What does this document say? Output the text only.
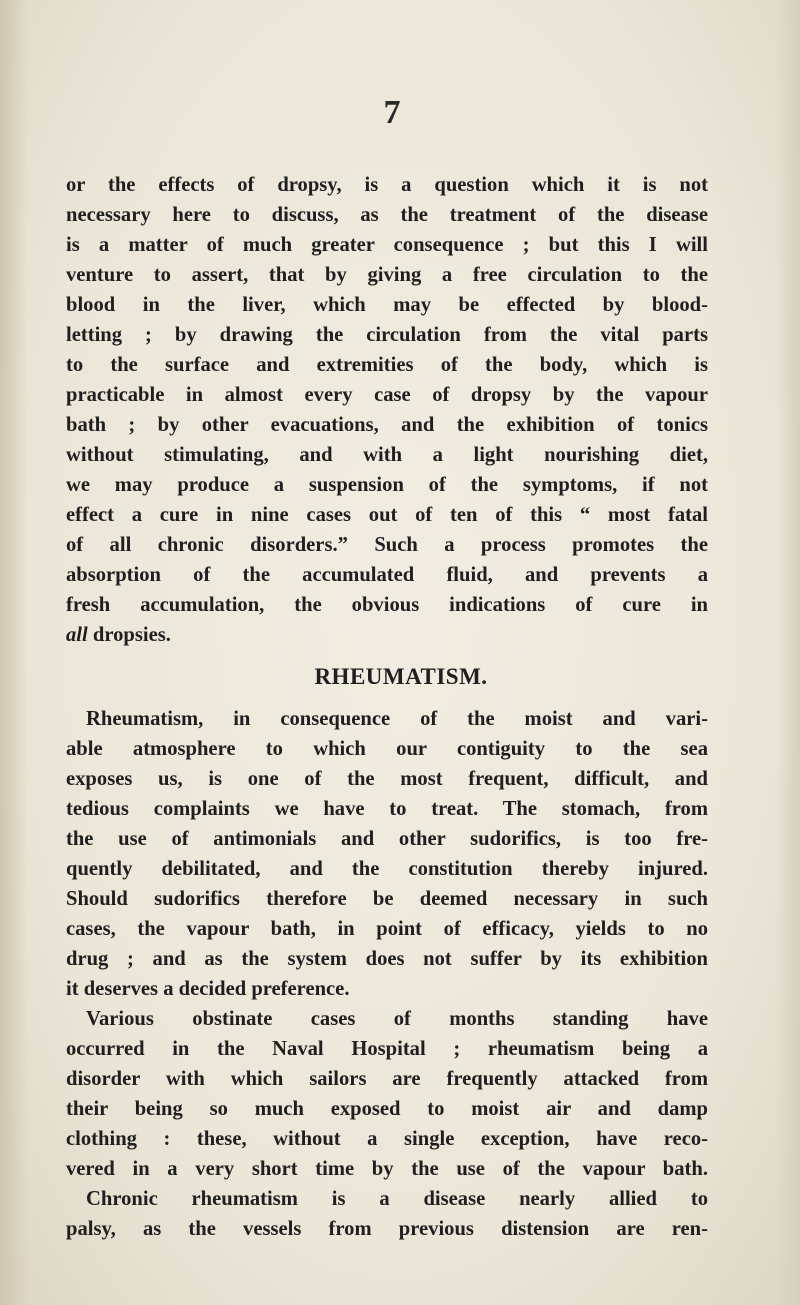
7
or the effects of dropsy, is a question which it is not
necessary here to discuss, as the treatment of the disease
is a matter of much greater consequence ; but this I will
venture to assert, that by giving a free circulation to the
blood in the liver, which may be effected by blood-
letting ; by drawing the circulation from the vital parts
to the surface and extremities of the body, which is
practicable in almost every case of dropsy by the vapour
bath ; by other evacuations, and the exhibition of tonics
without stimulating, and with a light nourishing diet,
we may produce a suspension of the symptoms, if not
effect a cure in nine cases out of ten of this “ most fatal
of all chronic disorders.” Such a process promotes the
absorption of the accumulated fluid, and prevents a
fresh accumulation, the obvious indications of cure in
all dropsies.
RHEUMATISM.
Rheumatism, in consequence of the moist and vari-
able atmosphere to which our contiguity to the sea
exposes us, is one of the most frequent, difficult, and
tedious complaints we have to treat. The stomach, from
the use of antimonials and other sudorifics, is too fre-
quently debilitated, and the constitution thereby injured.
Should sudorifics therefore be deemed necessary in such
cases, the vapour bath, in point of efficacy, yields to no
drug ; and as the system does not suffer by its exhibition
it deserves a decided preference.
Various obstinate cases of months standing have
occurred in the Naval Hospital ; rheumatism being a
disorder with which sailors are frequently attacked from
their being so much exposed to moist air and damp
clothing : these, without a single exception, have reco-
vered in a very short time by the use of the vapour bath.
Chronic rheumatism is a disease nearly allied to
palsy, as the vessels from previous distension are ren-
